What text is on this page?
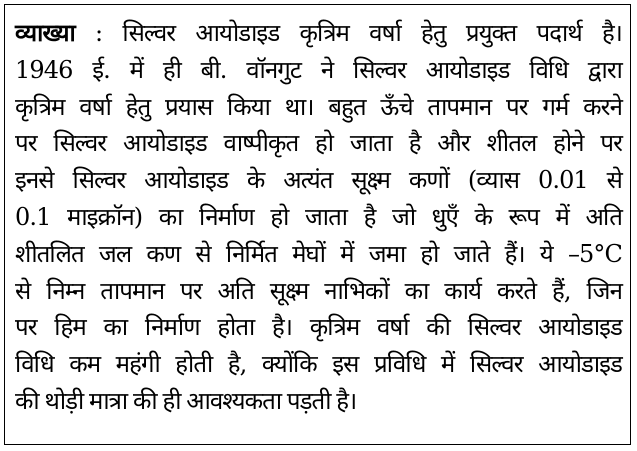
व्याख्या : सिल्वर आयोडाइड कृत्रिम वर्षा हेतु प्रयुक्त पदार्थ है।
1946 ई. में ही बी. वॉनगुट ने सिल्वर आयोडाइड विधि द्वारा
कृत्रिम वर्षा हेतु प्रयास किया था। बहुत ऊँचे तापमान पर गर्म करने
पर सिल्वर आयोडाइड वाष्पीकृत हो जाता है और शीतल होने पर
इनसे सिल्वर आयोडाइड के अत्यंत सूक्ष्म कणों (व्यास 0.01 से
0.1 माइक्रॉन) का निर्माण हो जाता है जो धुएँ के रूप में अति
शीतलित जल कण से निर्मित मेघों में जमा हो जाते हैं। ये –5°C
से निम्न तापमान पर अति सूक्ष्म नाभिकों का कार्य करते हैं, जिन
पर हिम का निर्माण होता है। कृत्रिम वर्षा की सिल्वर आयोडाइड
विधि कम महंगी होती है, क्योंकि इस प्रविधि में सिल्वर आयोडाइड
की थोड़ी मात्रा की ही आवश्यकता पड़ती है।
